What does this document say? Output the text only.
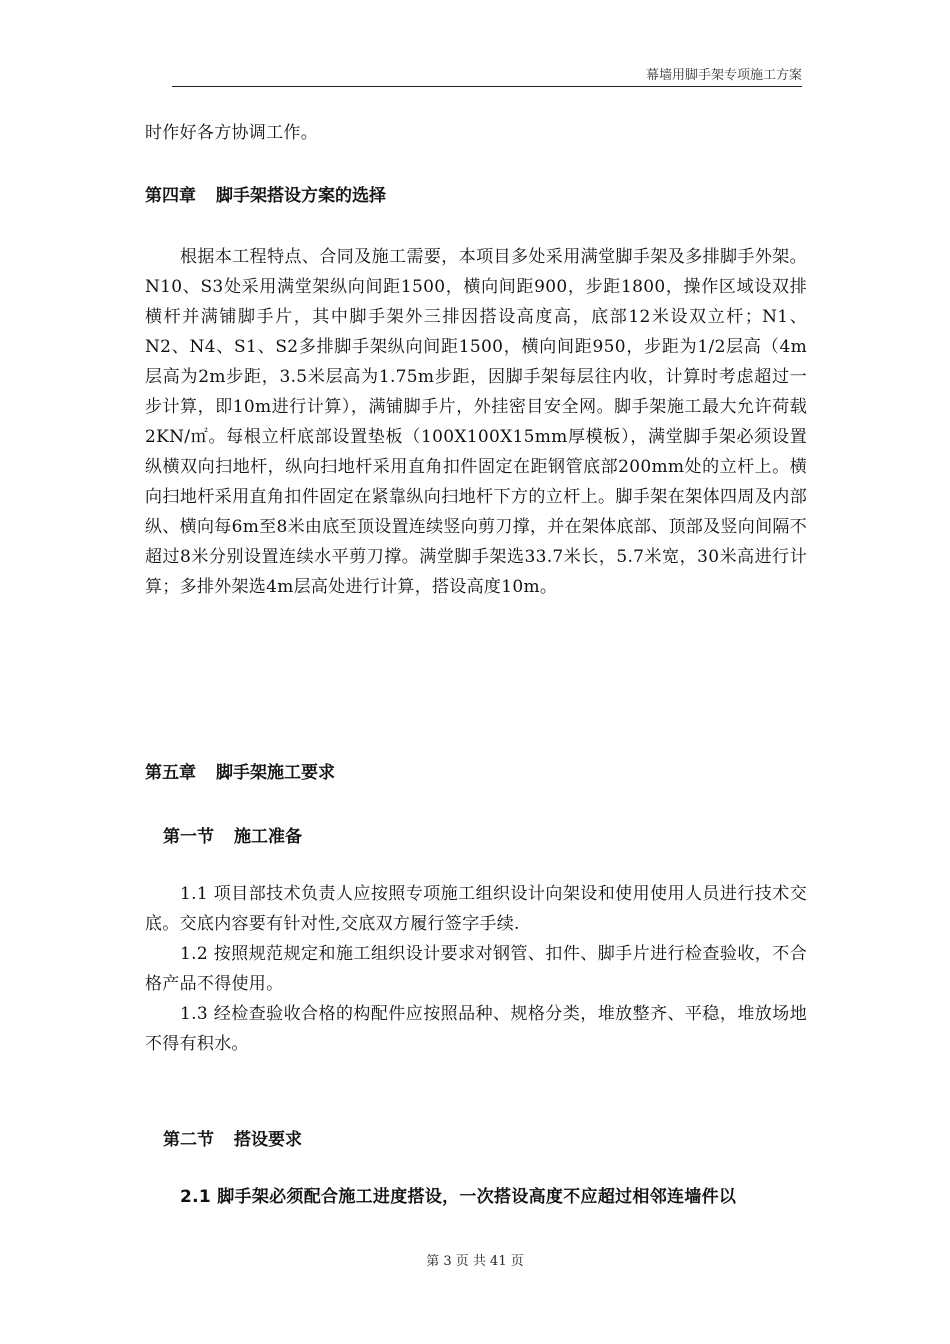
幕墙用脚手架专项施工方案

时作好各方协调工作。

第四章 脚手架搭设方案的选择

根据本工程特点、合同及施工需要，本项目多处采用满堂脚手架及多排脚手外架。N10、S3处采用满堂架纵向间距1500，横向间距900，步距1800，操作区域设双排横杆并满铺脚手片，其中脚手架外三排因搭设高度高，底部12米设双立杆；N1、N2、N4、S1、S2多排脚手架纵向间距1500，横向间距950，步距为1/2层高（4m层高为2m步距，3.5米层高为1.75m步距，因脚手架每层往内收，计算时考虑超过一步计算，即10m进行计算），满铺脚手片，外挂密目安全网。脚手架施工最大允许荷载2KN/㎡。每根立杆底部设置垫板（100X100X15mm厚模板），满堂脚手架必须设置纵横双向扫地杆，纵向扫地杆采用直角扣件固定在距钢管底部200mm处的立杆上。横向扫地杆采用直角扣件固定在紧靠纵向扫地杆下方的立杆上。脚手架在架体四周及内部纵、横向每6m至8米由底至顶设置连续竖向剪刀撑，并在架体底部、顶部及竖向间隔不超过8米分别设置连续水平剪刀撑。满堂脚手架选33.7米长，5.7米宽，30米高进行计算；多排外架选4m层高处进行计算，搭设高度10m。

第五章 脚手架施工要求
第一节 施工准备

1.1 项目部技术负责人应按照专项施工组织设计向架设和使用使用人员进行技术交底。交底内容要有针对性,交底双方履行签字手续.

1.2 按照规范规定和施工组织设计要求对钢管、扣件、脚手片进行检查验收，不合格产品不得使用。

1.3 经检查验收合格的构配件应按照品种、规格分类，堆放整齐、平稳，堆放场地不得有积水。

第二节 搭设要求

2.1 脚手架必须配合施工进度搭设，一次搭设高度不应超过相邻连墙件以

第 3 页 共 41 页
